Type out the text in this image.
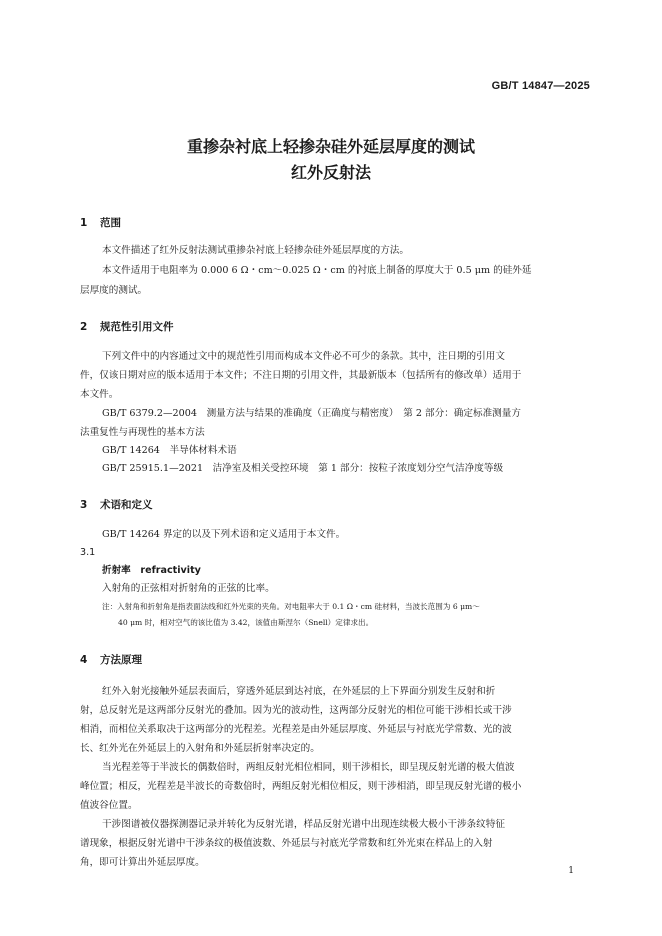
GB/T 14847—2025
重掺杂衬底上轻掺杂硅外延层厚度的测试
红外反射法
1 范围
本文件描述了红外反射法测试重掺杂衬底上轻掺杂硅外延层厚度的方法。
本文件适用于电阻率为 0.000 6 Ω・cm～0.025 Ω・cm 的衬底上制备的厚度大于 0.5 μm 的硅外延
层厚度的测试。
2 规范性引用文件
下列文件中的内容通过文中的规范性引用而构成本文件必不可少的条款。其中，注日期的引用文
件，仅该日期对应的版本适用于本文件；不注日期的引用文件，其最新版本（包括所有的修改单）适用于
本文件。
GB/T 6379.2—2004　测量方法与结果的准确度（正确度与精密度）　第 2 部分：确定标准测量方
法重复性与再现性的基本方法
GB/T 14264　半导体材料术语
GB/T 25915.1—2021　洁净室及相关受控环境　第 1 部分：按粒子浓度划分空气洁净度等级
3 术语和定义
GB/T 14264 界定的以及下列术语和定义适用于本文件。
3.1
折射率　refractivity
入射角的正弦相对折射角的正弦的比率。
注：入射角和折射角是指表面法线和红外光束的夹角。对电阻率大于 0.1 Ω・cm 硅材料，当波长范围为 6 μm～
40 μm 时，相对空气的该比值为 3.42，该值由斯涅尔（Snell）定律求出。
4 方法原理
红外入射光接触外延层表面后，穿透外延层到达衬底，在外延层的上下界面分别发生反射和折
射，总反射光是这两部分反射光的叠加。因为光的波动性，这两部分反射光的相位可能干涉相长或干涉
相消，而相位关系取决于这两部分的光程差。光程差是由外延层厚度、外延层与衬底光学常数、光的波
长、红外光在外延层上的入射角和外延层折射率决定的。
当光程差等于半波长的偶数倍时，两组反射光相位相同，则干涉相长，即呈现反射光谱的极大值波
峰位置；相反，光程差是半波长的奇数倍时，两组反射光相位相反，则干涉相消，即呈现反射光谱的极小
值波谷位置。
干涉图谱被仪器探测器记录并转化为反射光谱，样品反射光谱中出现连续极大极小干涉条纹特征
谱现象，根据反射光谱中干涉条纹的极值波数、外延层与衬底光学常数和红外光束在样品上的入射
角，即可计算出外延层厚度。
1
